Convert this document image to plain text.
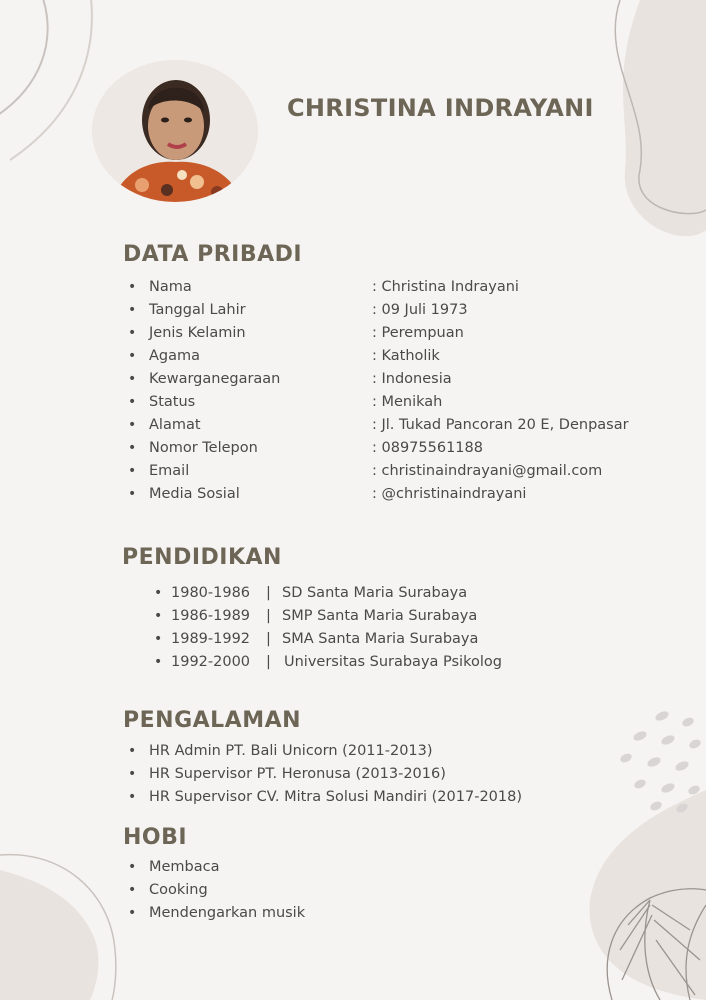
CHRISTINA INDRAYANI
DATA PRIBADI
• Nama	: Christina Indrayani
• Tanggal Lahir	: 09 Juli 1973
• Jenis Kelamin	: Perempuan
• Agama	: Katholik
• Kewarganegaraan	: Indonesia
• Status	: Menikah
• Alamat	: Jl. Tukad Pancoran 20 E, Denpasar
• Nomor Telepon	: 08975561188
• Email	: christinaindrayani@gmail.com
• Media Sosial	: @christinaindrayani
PENDIDIKAN
• 1980-1986 | SD Santa Maria Surabaya
• 1986-1989 | SMP Santa Maria Surabaya
• 1989-1992 | SMA Santa Maria Surabaya
• 1992-2000 | Universitas Surabaya Psikolog
PENGALAMAN
• HR Admin PT. Bali Unicorn (2011-2013)
• HR Supervisor PT. Heronusa (2013-2016)
• HR Supervisor CV. Mitra Solusi Mandiri (2017-2018)
HOBI
• Membaca
• Cooking
• Mendengarkan musik
